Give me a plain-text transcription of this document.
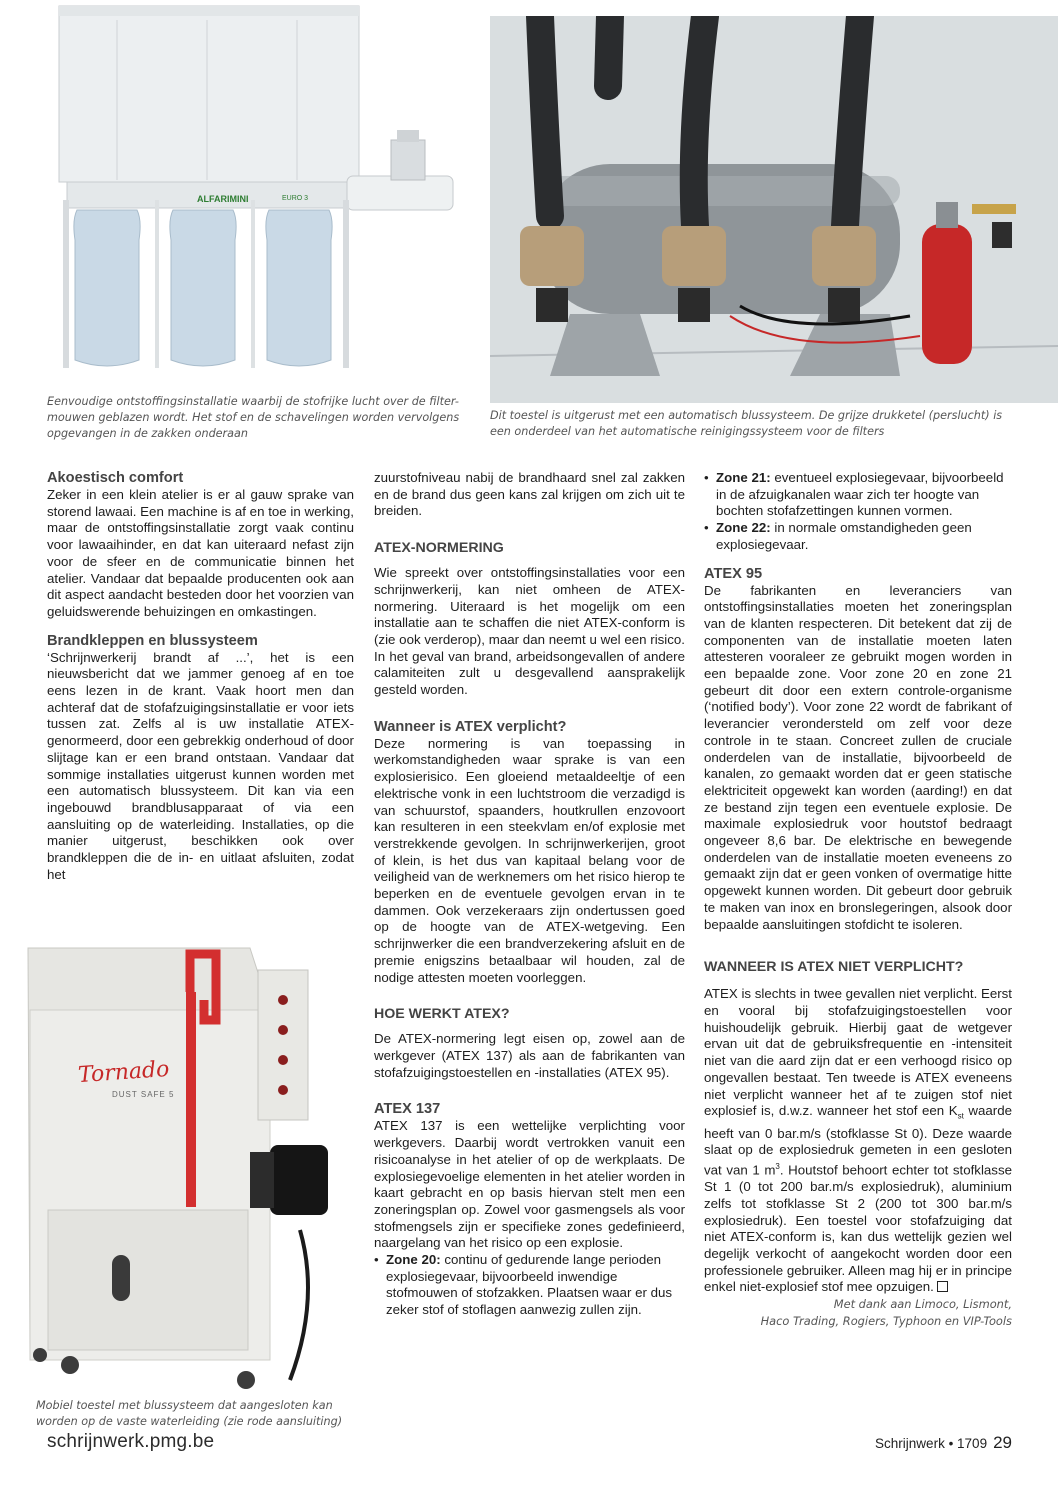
ALFARIMINI	EURO 3
Eenvoudige ontstoffingsinstallatie waarbij de stofrijke lucht over de filter-mouwen geblazen wordt. Het stof en de schavelingen worden vervolgens opgevangen in de zakken onderaan
Dit toestel is uitgerust met een automatisch blussysteem. De grijze drukketel (perslucht) is een onderdeel van het automatische reinigingssysteem voor de filters
Tornado
DUST SAFE 5
Mobiel toestel met blussysteem dat aangesloten kan worden op de vaste waterleiding (zie rode aansluiting)
Akoestisch comfort

Zeker in een klein atelier is er al gauw sprake van storend lawaai. Een machine is af en toe in werking, maar de ontstoffingsinstallatie zorgt vaak continu voor lawaaihinder, en dat kan uiteraard nefast zijn voor de sfeer en de communicatie binnen het atelier. Vandaar dat bepaalde producenten ook aan dit aspect aandacht besteden door het voorzien van geluidswerende behuizingen en omkastingen.

Brandkleppen en blussysteem

‘Schrijnwerkerij brandt af ...’, het is een nieuwsbericht dat we jammer genoeg af en toe eens lezen in de krant. Vaak hoort men dan achteraf dat de stofafzuigingsinstallatie er voor iets tussen zat. Zelfs al is uw installatie ATEX-genormeerd, door een gebrekkig onderhoud of door slijtage kan er een brand ontstaan. Vandaar dat sommige installaties uitgerust kunnen worden met een automatisch blussysteem. Dit kan via een ingebouwd brandblusapparaat of via een aansluiting op de waterleiding. Installaties, op die manier uitgerust, beschikken ook over brandkleppen die de in- en uitlaat afsluiten, zodat het

zuurstofniveau nabij de brandhaard snel zal zakken en de brand dus geen kans zal krijgen om zich uit te breiden.

ATEX-NORMERING

Wie spreekt over ontstoffingsinstallaties voor een schrijnwerkerij, kan niet omheen de ATEX-normering. Uiteraard is het mogelijk om een installatie aan te schaffen die niet ATEX-conform is (zie ook verderop), maar dan neemt u wel een risico. In het geval van brand, arbeidsongevallen of andere calamiteiten zult u desgevallend aansprakelijk gesteld worden.

Wanneer is ATEX verplicht?

Deze normering is van toepassing in werkomstandigheden waar sprake is van een explosierisico. Een gloeiend metaaldeeltje of een elektrische vonk in een luchtstroom die verzadigd is van schuurstof, spaanders, houtkrullen enzovoort kan resulteren in een steekvlam en/of explosie met verstrekkende gevolgen. In schrijnwerkerijen, groot of klein, is het dus van kapitaal belang voor de veiligheid van de werknemers om het risico hierop te beperken en de eventuele gevolgen ervan in te dammen. Ook verzekeraars zijn ondertussen goed op de hoogte van de ATEX-wetgeving. Een schrijnwerker die een brandverzekering afsluit en de premie enigszins betaalbaar wil houden, zal de nodige attesten moeten voorleggen.

HOE WERKT ATEX?

De ATEX-normering legt eisen op, zowel aan de werkgever (ATEX 137) als aan de fabrikanten van stofafzuigingstoestellen en -installaties (ATEX 95).

ATEX 137

ATEX 137 is een wettelijke verplichting voor werkgevers. Daarbij wordt vertrokken vanuit een risicoanalyse in het atelier of op de werkplaats. De explosiegevoelige elementen in het atelier worden in kaart gebracht en op basis hiervan stelt men een zoneringsplan op. Zowel voor gasmengsels als voor stofmengsels zijn er specifieke zones gedefinieerd, naargelang van het risico op een explosie.

• Zone 20: continu of gedurende lange perioden explosiegevaar, bijvoorbeeld inwendige stofmouwen of stofzakken. Plaatsen waar er dus zeker stof of stoflagen aanwezig zullen zijn.
• Zone 21: eventueel explosiegevaar, bijvoorbeeld in de afzuigkanalen waar zich ter hoogte van bochten stofafzettingen kunnen vormen.
• Zone 22: in normale omstandigheden geen explosiegevaar.
ATEX 95

De fabrikanten en leveranciers van ontstoffingsinstallaties moeten het zoneringsplan van de klanten respecteren. Dit betekent dat zij de componenten van de installatie moeten laten attesteren vooraleer ze gebruikt mogen worden in een bepaalde zone. Voor zone 20 en zone 21 gebeurt dit door een extern controle-organisme (‘notified body’). Voor zone 22 wordt de fabrikant of leverancier verondersteld om zelf voor deze controle in te staan. Concreet zullen de cruciale onderdelen van de installatie, bijvoorbeeld de kanalen, zo gemaakt worden dat er geen statische elektriciteit opgewekt kan worden (aarding!) en dat ze bestand zijn tegen een eventuele explosie. De maximale explosiedruk voor houtstof bedraagt ongeveer 8,6 bar. De elektrische en bewegende onderdelen van de installatie moeten eveneens zo gemaakt zijn dat er geen vonken of overmatige hitte opgewekt kunnen worden. Dit gebeurt door gebruik te maken van inox en bronslegeringen, alsook door bepaalde aansluitingen stofdicht te isoleren.

WANNEER IS ATEX NIET VERPLICHT?

ATEX is slechts in twee gevallen niet verplicht. Eerst en vooral bij stofafzuigingstoestellen voor huishoudelijk gebruik. Hierbij gaat de wetgever ervan uit dat de gebruiksfrequentie en -intensiteit niet van die aard zijn dat er een verhoogd risico op ongevallen bestaat. Ten tweede is ATEX eveneens niet verplicht wanneer het af te zuigen stof niet explosief is, d.w.z. wanneer het stof een $K_{st}$ waarde heeft van 0 bar.m/s (stofklasse St 0). Deze waarde slaat op de explosiedruk gemeten in een gesloten vat van 1 $m^3$. Houtstof behoort echter tot stofklasse St 1 (0 tot 200 bar.m/s explosiedruk), aluminium zelfs tot stofklasse St 2 (200 tot 300 bar.m/s explosiedruk). Een toestel voor stofafzuiging dat niet ATEX-conform is, kan dus wettelijk gezien wel degelijk verkocht of aangekocht worden door een professionele gebruiker. Alleen mag hij er in principe enkel niet-explosief stof mee opzuigen.

Met dank aan Limoco, Lismont,
Haco Trading, Rogiers, Typhoon en VIP-Tools
schrijnwerk.pmg.be	Schrijnwerk • 1709 29
